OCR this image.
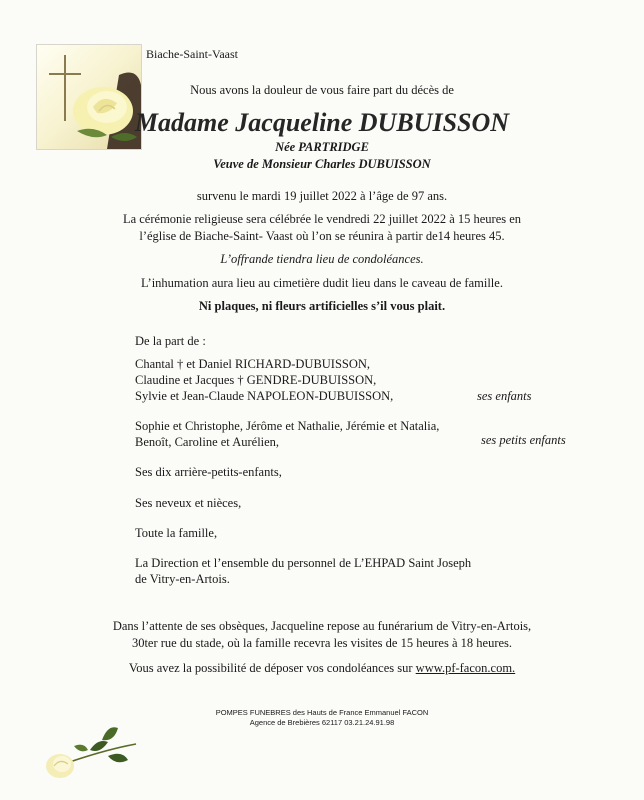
Biache-Saint-Vaast
Nous avons la douleur de vous faire part du décès de
Madame Jacqueline DUBUISSON
Née PARTRIDGE
Veuve de Monsieur Charles DUBUISSON
survenu le mardi 19 juillet 2022 à l’âge de 97 ans.
La cérémonie religieuse sera célébrée le vendredi 22 juillet 2022 à 15 heures en
l’église de Biache-Saint- Vaast où l’on se réunira à partir de14 heures 45.
L’offrande tiendra lieu de condoléances.
L’inhumation aura lieu au cimetière dudit lieu dans le caveau de famille.
Ni plaques, ni fleurs artificielles s’il vous plait.
De la part de :
Chantal † et Daniel RICHARD-DUBUISSON,
Claudine et Jacques † GENDRE-DUBUISSON,
Sylvie et Jean-Claude NAPOLEON-DUBUISSON,	ses enfants
Sophie et Christophe, Jérôme et Nathalie, Jérémie et Natalia,
Benoît, Caroline et Aurélien,	ses petits enfants
Ses dix arrière-petits-enfants,
Ses neveux et nièces,
Toute la famille,
La Direction et l’ensemble du personnel de L’EHPAD Saint Joseph
de Vitry-en-Artois.
Dans l’attente de ses obsèques, Jacqueline repose au funérarium de Vitry-en-Artois,
30ter rue du stade, où la famille recevra les visites de 15 heures à 18 heures.
Vous avez la possibilité de déposer vos condoléances sur www.pf-facon.com.
POMPES FUNEBRES des Hauts de France Emmanuel FACON
Agence de Brebières 62117 03.21.24.91.98
